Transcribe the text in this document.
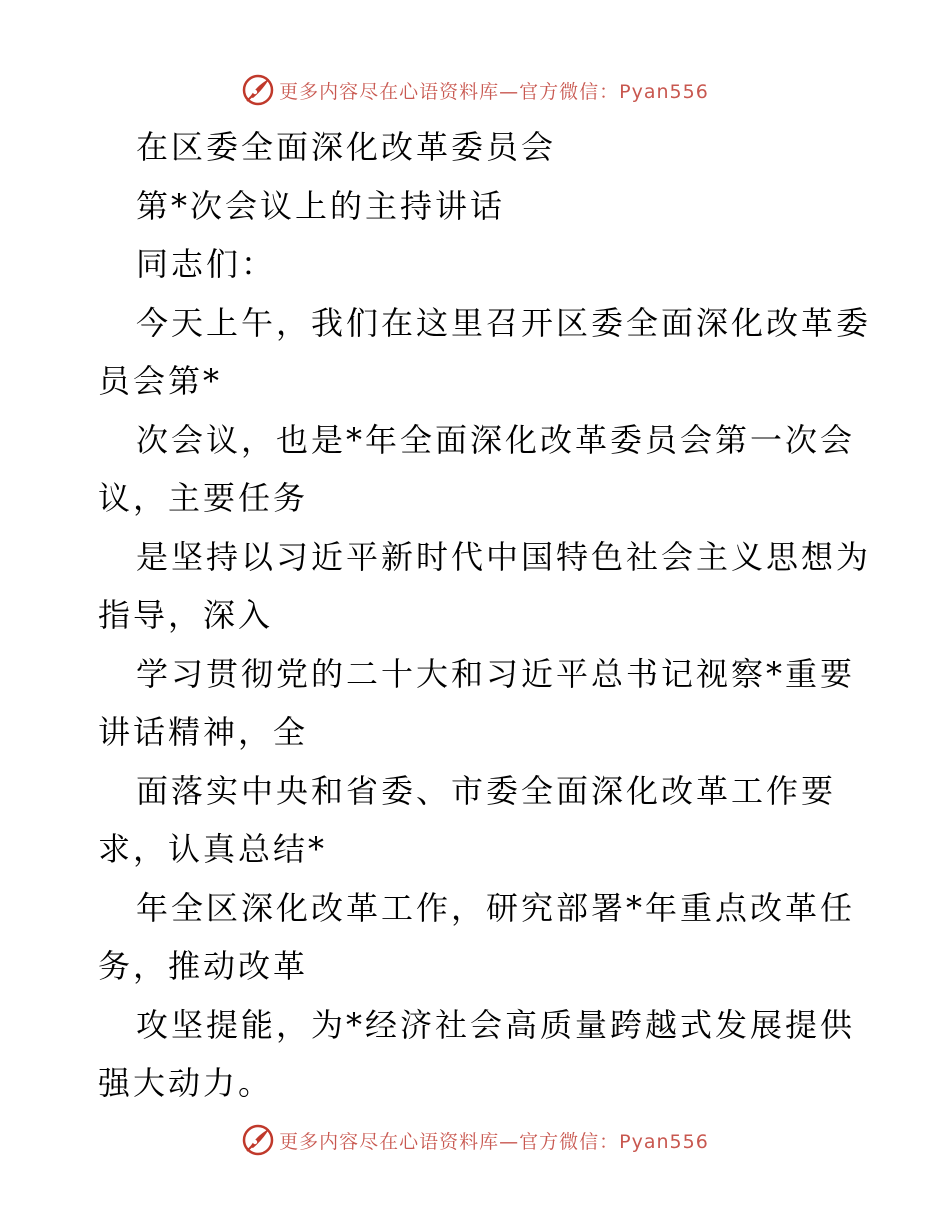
更多内容尽在心语资料库—官方微信：Pyan556
在区委全面深化改革委员会
第*次会议上的主持讲话
同志们：
今天上午，我们在这里召开区委全面深化改革委
员会第*
次会议，也是*年全面深化改革委员会第一次会
议，主要任务
是坚持以习近平新时代中国特色社会主义思想为
指导，深入
学习贯彻党的二十大和习近平总书记视察*重要
讲话精神，全
面落实中央和省委、市委全面深化改革工作要
求，认真总结*
年全区深化改革工作，研究部署*年重点改革任
务，推动改革
攻坚提能，为*经济社会高质量跨越式发展提供
强大动力。
更多内容尽在心语资料库—官方微信：Pyan556
